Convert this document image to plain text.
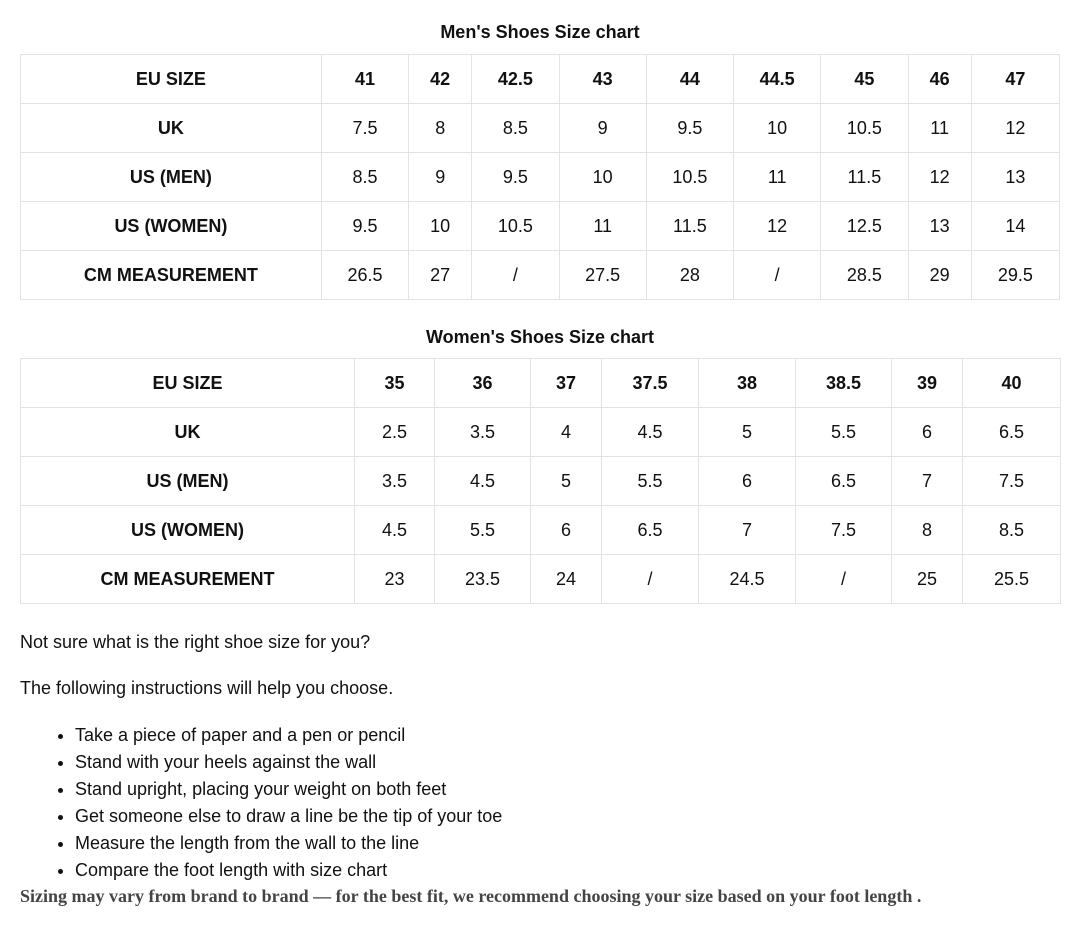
Men's Shoes Size chart
EU SIZE	41	42	42.5	43	44	44.5	45	46	47
UK	7.5	8	8.5	9	9.5	10	10.5	11	12
US (MEN)	8.5	9	9.5	10	10.5	11	11.5	12	13
US (WOMEN)	9.5	10	10.5	11	11.5	12	12.5	13	14
CM MEASUREMENT	26.5	27	/	27.5	28	/	28.5	29	29.5
Women's Shoes Size chart
EU SIZE	35	36	37	37.5	38	38.5	39	40
UK	2.5	3.5	4	4.5	5	5.5	6	6.5
US (MEN)	3.5	4.5	5	5.5	6	6.5	7	7.5
US (WOMEN)	4.5	5.5	6	6.5	7	7.5	8	8.5
CM MEASUREMENT	23	23.5	24	/	24.5	/	25	25.5

Not sure what is the right shoe size for you?

The following instructions will help you choose.

• Take a piece of paper and a pen or pencil
• Stand with your heels against the wall
• Stand upright, placing your weight on both feet
• Get someone else to draw a line be the tip of your toe
• Measure the length from the wall to the line
• Compare the foot length with size chart

Sizing may vary from brand to brand — for the best fit, we recommend choosing your size based on your foot length .
